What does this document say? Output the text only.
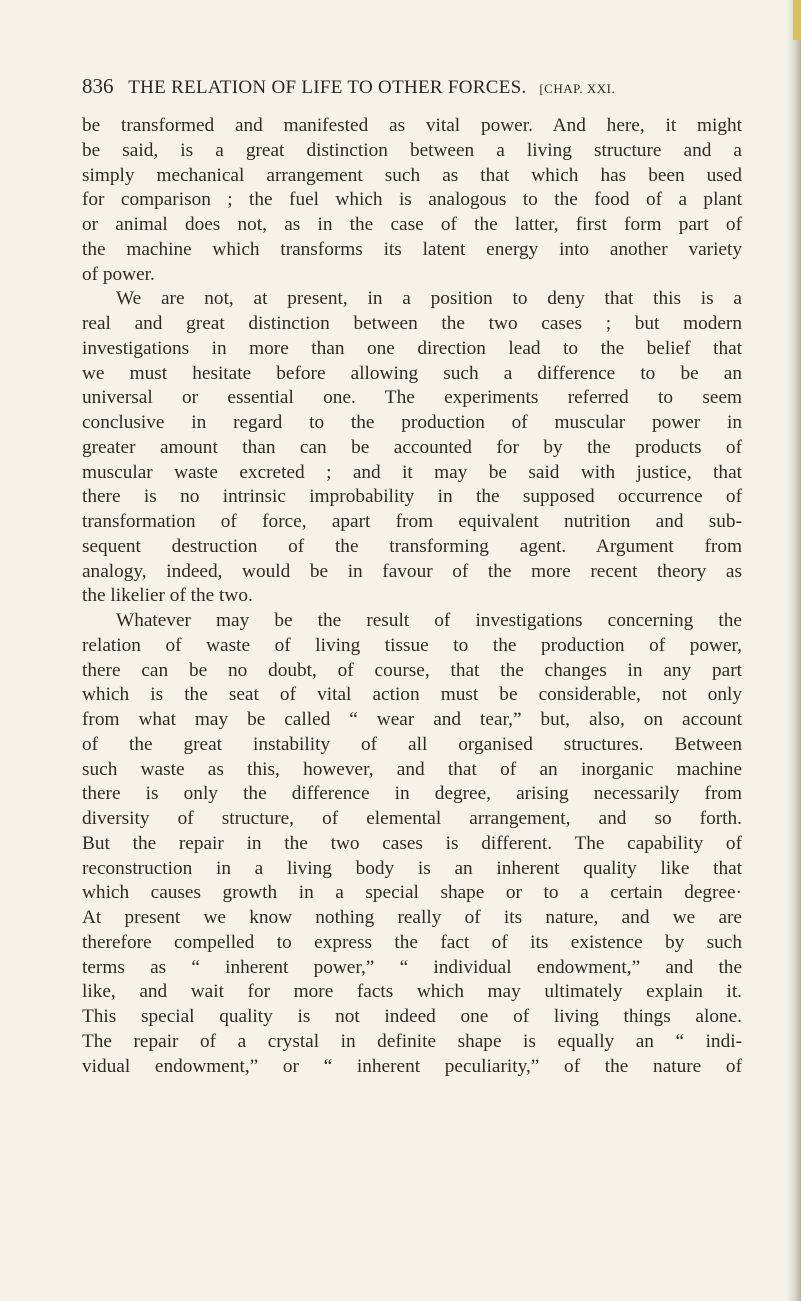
836 THE RELATION OF LIFE TO OTHER FORCES. [CHAP. XXI.
be transformed and manifested as vital power. And here, it might
be said, is a great distinction between a living structure and a
simply mechanical arrangement such as that which has been used
for comparison ; the fuel which is analogous to the food of a plant
or animal does not, as in the case of the latter, first form part of
the machine which transforms its latent energy into another variety
of power.
We are not, at present, in a position to deny that this is a
real and great distinction between the two cases ; but modern
investigations in more than one direction lead to the belief that
we must hesitate before allowing such a difference to be an
universal or essential one. The experiments referred to seem
conclusive in regard to the production of muscular power in
greater amount than can be accounted for by the products of
muscular waste excreted ; and it may be said with justice, that
there is no intrinsic improbability in the supposed occurrence of
transformation of force, apart from equivalent nutrition and sub-
sequent destruction of the transforming agent. Argument from
analogy, indeed, would be in favour of the more recent theory as
the likelier of the two.
Whatever may be the result of investigations concerning the
relation of waste of living tissue to the production of power,
there can be no doubt, of course, that the changes in any part
which is the seat of vital action must be considerable, not only
from what may be called “ wear and tear,” but, also, on account
of the great instability of all organised structures. Between
such waste as this, however, and that of an inorganic machine
there is only the difference in degree, arising necessarily from
diversity of structure, of elemental arrangement, and so forth.
But the repair in the two cases is different. The capability of
reconstruction in a living body is an inherent quality like that
which causes growth in a special shape or to a certain degree·
At present we know nothing really of its nature, and we are
therefore compelled to express the fact of its existence by such
terms as “ inherent power,” “ individual endowment,” and the
like, and wait for more facts which may ultimately explain it.
This special quality is not indeed one of living things alone.
The repair of a crystal in definite shape is equally an “ indi-
vidual endowment,” or “ inherent peculiarity,” of the nature of
